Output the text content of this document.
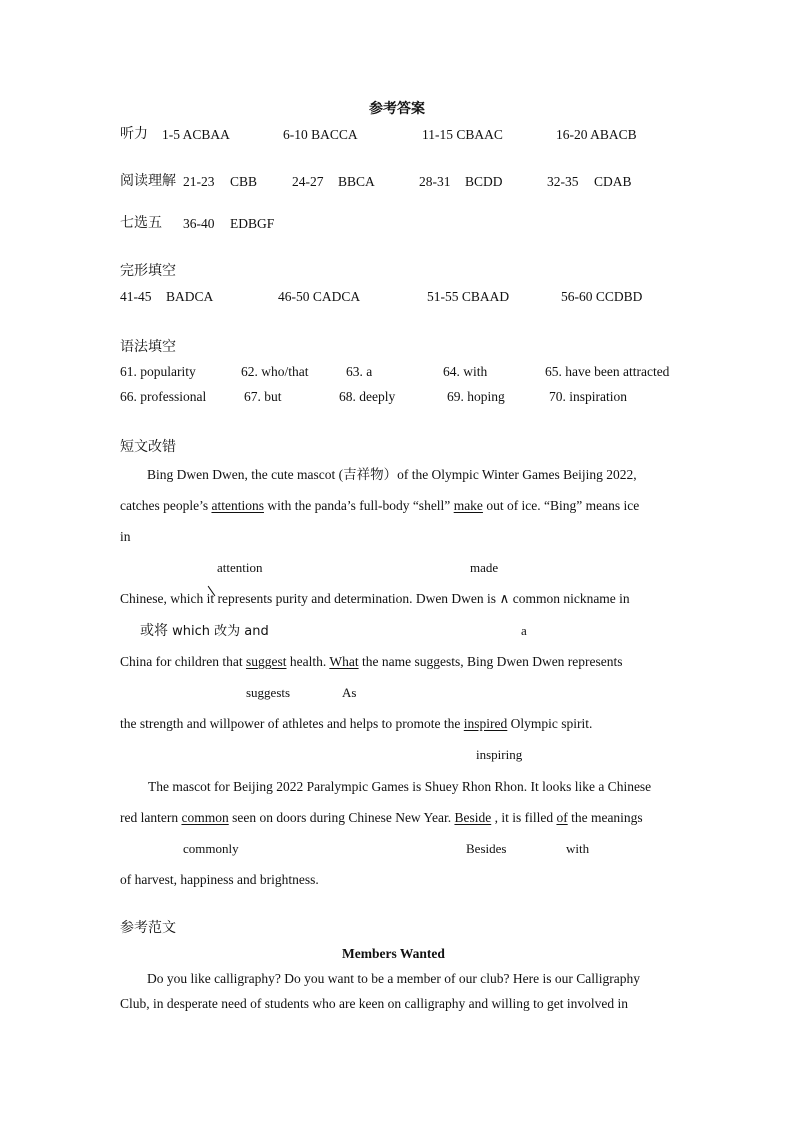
参考答案
听力 1-5 ACBAA	6-10 BACCA	11-15 CBAAC	16-20 ABACB
阅读理解 21-23 CBB	24-27 BBCA	28-31 BCDD	32-35 CDAB
七选五 36-40 EDBGF
完形填空
41-45 BADCA	46-50 CADCA	51-55 CBAAD	56-60 CCDBD
语法填空
61. popularity	62. who/that	63. a	64. with	65. have been attracted
66. professional	67. but	68. deeply	69. hoping	70. inspiration
短文改错
Bing Dwen Dwen, the cute mascot (吉祥物）of the Olympic Winter Games Beijing 2022,
catches people’s attentions with the panda’s full-body “shell” make out of ice. “Bing” means ice
in
attention	made
Chinese, which it represents purity and determination. Dwen Dwen is ∧ common nickname in
或将 which 改为 and	a
China for children that suggest health. What the name suggests, Bing Dwen Dwen represents
suggests	As
the strength and willpower of athletes and helps to promote the inspired Olympic spirit.
inspiring
The mascot for Beijing 2022 Paralympic Games is Shuey Rhon Rhon. It looks like a Chinese
red lantern common seen on doors during Chinese New Year. Beside , it is filled of the meanings
commonly	Besides	with
of harvest, happiness and brightness.
参考范文
Members Wanted
Do you like calligraphy? Do you want to be a member of our club? Here is our Calligraphy
Club, in desperate need of students who are keen on calligraphy and willing to get involved in
